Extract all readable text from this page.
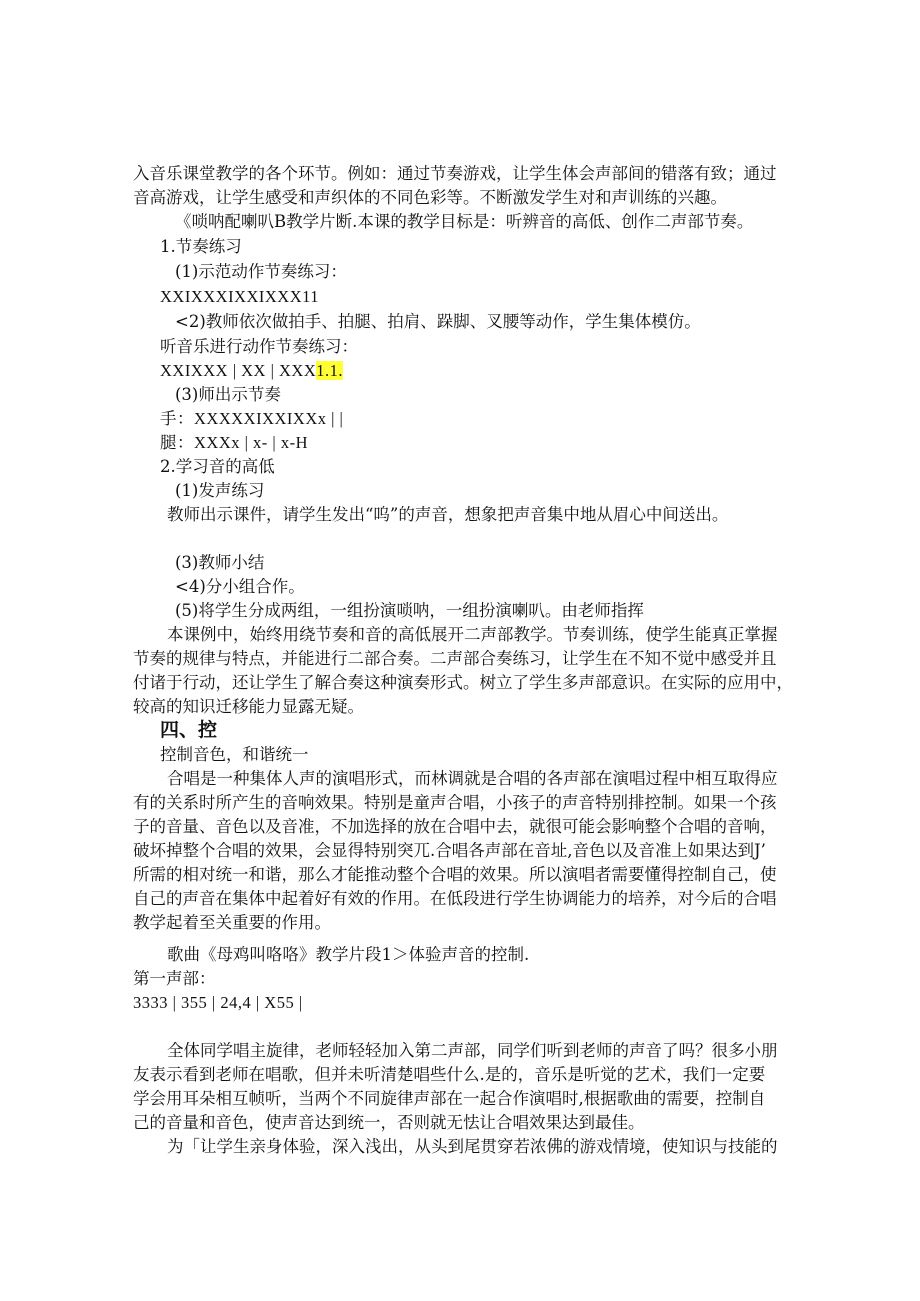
入音乐课堂教学的各个环节。例如：通过节奏游戏，让学生体会声部间的错落有致；通过
音高游戏，让学生感受和声织体的不同色彩等。不断激发学生对和声训练的兴趣。
《唢呐配喇叭B教学片断.本课的教学目标是：听辨音的高低、创作二声部节奏。
1.节奏练习
(1)示范动作节奏练习：
XXIXXXIXXIXXX11
<2)教师依次做拍手、拍腿、拍肩、跺脚、叉腰等动作，学生集体模仿。
听音乐进行动作节奏练习：
XXIXXX | XX | XXX1.1.
(3)师出示节奏
手：XXXXXIXXIXXx | |
腿：XXXx | x- | x-H
2.学习音的高低
(1)发声练习
教师出示课件，请学生发出“呜”的声音，想象把声音集中地从眉心中间送出。
(3)教师小结
<4)分小组合作。
(5)将学生分成两组，一组扮演唢呐，一组扮演喇叭。由老师指挥
本课例中，始终用绕节奏和音的高低展开二声部教学。节奏训练，使学生能真正掌握
节奏的规律与特点，并能进行二部合奏。二声部合奏练习，让学生在不知不觉中感受并且
付诸于行动，还让学生了解合奏这种演奏形式。树立了学生多声部意识。在实际的应用中，
较高的知识迁移能力显露无疑。
四、控
控制音色，和谐统一
合唱是一种集体人声的演唱形式，而林调就是合唱的各声部在演唱过程中相互取得应
有的关系时所产生的音响效果。特别是童声合唱，小孩子的声音特别排控制。如果一个孩
子的音量、音色以及音准，不加选择的放在合唱中去，就很可能会影响整个合唱的音响，
破坏掉整个合唱的效果，会显得特别突兀.合唱各声部在音址,音色以及音准上如果达到J’
所需的相对统一和谐，那么才能推动整个合唱的效果。所以演唱者需要懂得控制自己，使
自己的声音在集体中起着好有效的作用。在低段进行学生协调能力的培养，对今后的合唱
教学起着至关重要的作用。
歌曲《母鸡叫咯咯》教学片段1＞体验声音的控制.
第一声部：
3333 | 355 | 24,4 | X55 |
全体同学唱主旋律，老师轻轻加入第二声部，同学们听到老师的声音了吗？很多小朋
友表示看到老师在唱歌，但并未听清楚唱些什么.是的，音乐是听觉的艺术，我们一定要
学会用耳朵相互帧听，当两个不同旋律声部在一起合作演唱时,根据歌曲的需要，控制自
己的音量和音色，使声音达到统一，否则就无怯让合唱效果达到最佳。
为「让学生亲身体验，深入浅出，从头到尾贯穿若浓佛的游戏情境，使知识与技能的
